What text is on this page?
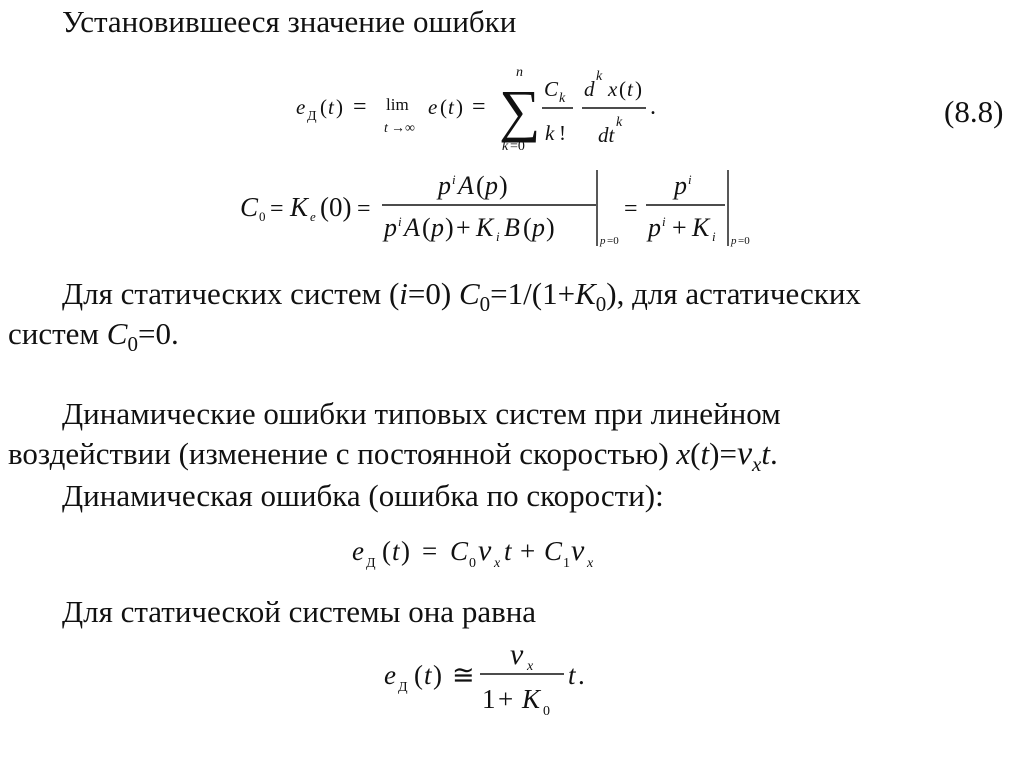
Установившееся значение ошибки
e Д ( t ) = lim
t →∞
e ( t ) =
n
∑
k =0
C k
k !
d
k
x ( t )
dt
k
.	(8.8)
C 0 = K e (0) =
p i A ( p )
p i A ( p ) + K i B ( p )	p =0
=
p i
p i + K i p =0
Для статических систем (i=0) $C_0=1/(1+K_0)$, для астатических
систем $C_0=0$.
Динамические ошибки типовых систем при линейном
воздействии (изменение с постоянной скоростью) $x(t)=\nu_xt$.
Динамическая ошибка (ошибка по скорости):
e Д ( t ) = C 0 ν x t + C 1 ν x
Для статической системы она равна
e Д ( t ) ≅
ν x
1 + K 0
t .
